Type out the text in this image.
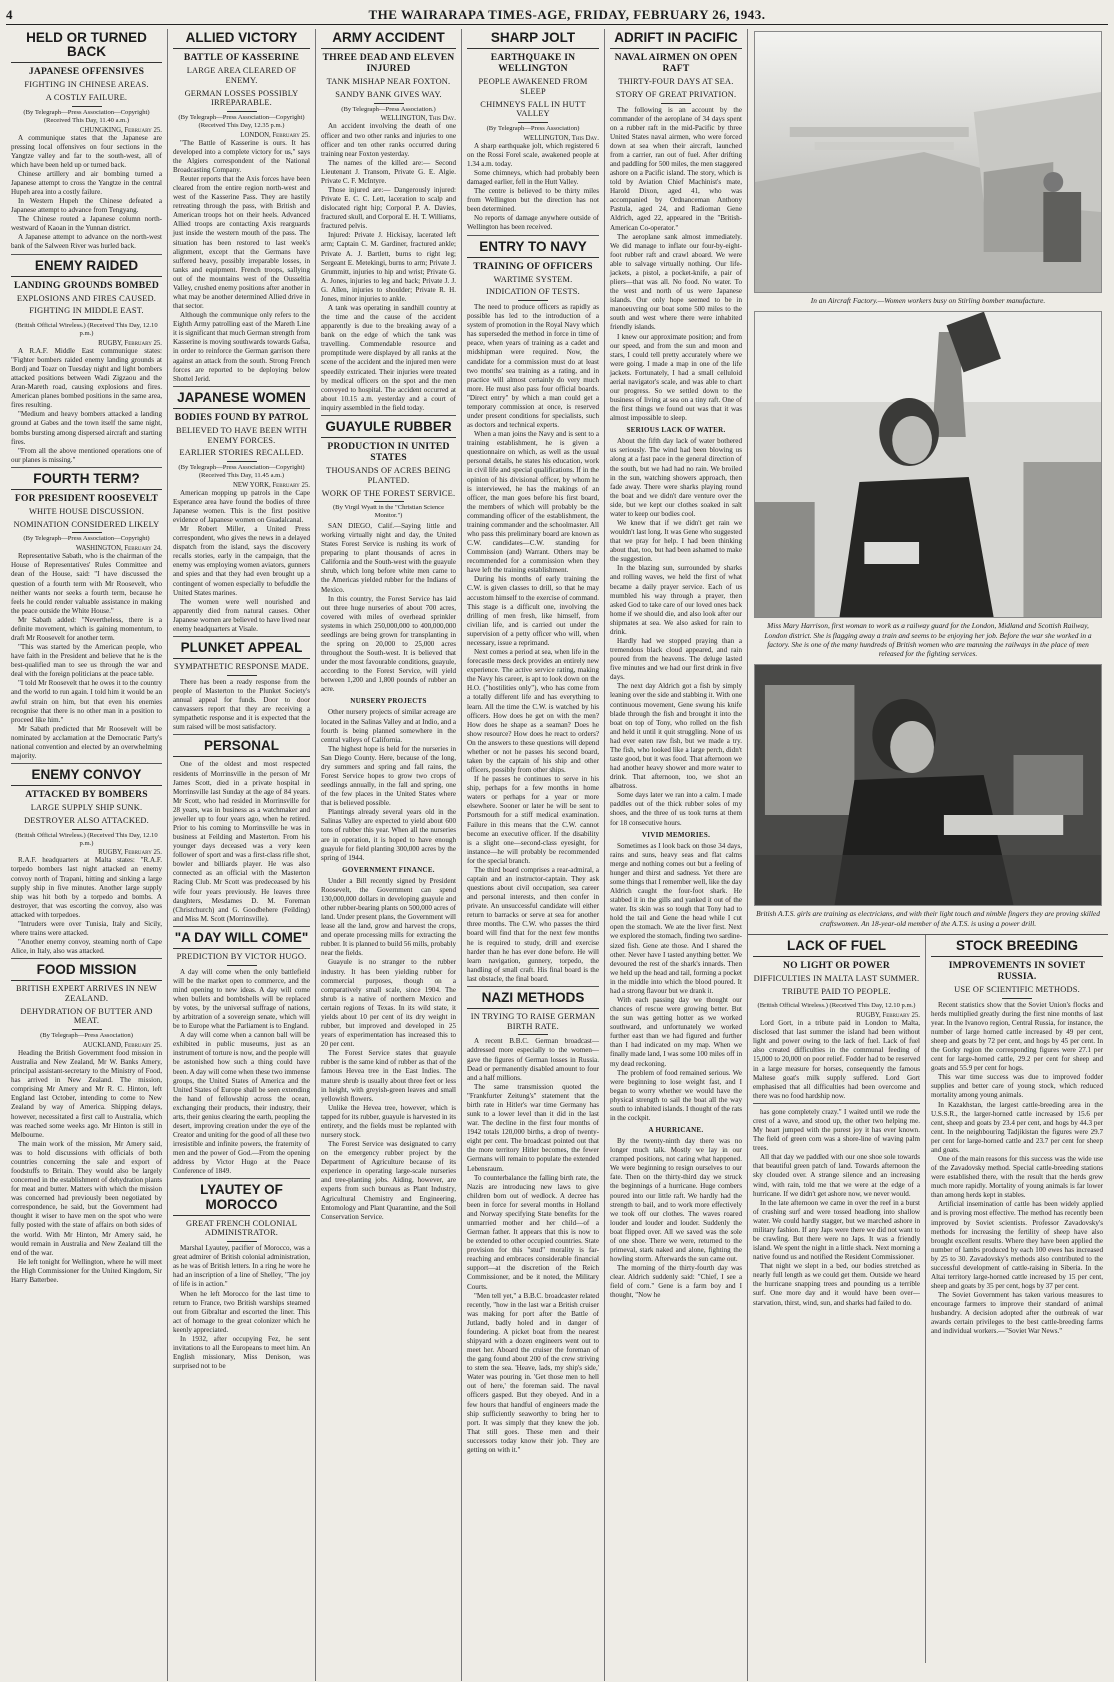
4	THE WAIRARAPA TIMES-AGE, FRIDAY, FEBRUARY 26, 1943.
HELD OR TURNED BACK
JAPANESE OFFENSIVES
FIGHTING IN CHINESE AREAS.
A COSTLY FAILURE.
(By Telegraph—Press Association—Copyright) (Received This Day, 11.40 a.m.)
CHUNGKING, February 25.

A communique states that the Japanese are pressing local offensives on four sections in the Yangtze valley and far to the south-west, all of which have been held up or turned back.

Chinese artillery and air bombing turned a Japanese attempt to cross the Yangtze in the central Hupeh area into a costly failure.

In Western Hupeh the Chinese defeated a Japanese attempt to advance from Tengyang.

The Chinese routed a Japanese column north-westward of Kaoan in the Yunnan district.

A Japanese attempt to advance on the north-west bank of the Salween River was hurled back.

ENEMY RAIDED
LANDING GROUNDS BOMBED
EXPLOSIONS AND FIRES CAUSED.
FIGHTING IN MIDDLE EAST.
(British Official Wireless.) (Received This Day, 12.10 p.m.)
RUGBY, February 25.

A R.A.F. Middle East communique states: "Fighter bombers raided enemy landing grounds at Bordj and Toazr on Tuesday night and light bombers attacked positions between Wadi Zigzaou and the Aran-Mareth road, causing explosions and fires. American planes bombed positions in the same area, fires resulting.

"Medium and heavy bombers attacked a landing ground at Gabes and the town itself the same night, bombs bursting among dispersed aircraft and starting fires.

"From all the above mentioned operations one of our planes is missing."

FOURTH TERM?
FOR PRESIDENT ROOSEVELT
WHITE HOUSE DISCUSSION.
NOMINATION CONSIDERED LIKELY
(By Telegraph—Press Association—Copyright)
WASHINGTON, February 24.

Representative Sabath, who is the chairman of the House of Representatives' Rules Committee and dean of the House, said: "I have discussed the question of a fourth term with Mr Roosevelt, who neither wants nor seeks a fourth term, because he feels he could render valuable assistance in making the peace outside the White House."

Mr Sabath added: "Nevertheless, there is a definite movement, which is gaining momentum, to draft Mr Roosevelt for another term.

"This was started by the American people, who have faith in the President and believe that he is the best-qualified man to see us through the war and deal with the foreign politicians at the peace table.

"I told Mr Roosevelt that he owes it to the country and the world to run again. I told him it would be an awful strain on him, but that even his enemies recognise that there is no other man in a position to proceed like him."

Mr Sabath predicted that Mr Roosevelt will be nominated by acclamation at the Democratic Party's national convention and elected by an overwhelming majority.

ENEMY CONVOY
ATTACKED BY BOMBERS
LARGE SUPPLY SHIP SUNK.
DESTROYER ALSO ATTACKED.
(British Official Wireless.) (Received This Day, 12.10 p.m.)
RUGBY, February 25.

R.A.F. headquarters at Malta states: "R.A.F. torpedo bombers last night attacked an enemy convoy north of Trapani, hitting and sinking a large supply ship in five minutes. Another large supply ship was hit both by a torpedo and bombs. A destroyer, that was escorting the convoy, also was attacked with torpedoes.

"Intruders were over Tunisia, Italy and Sicily, where trains were attacked.

"Another enemy convoy, steaming north of Cape Alice, in Italy, also was attacked.

FOOD MISSION
BRITISH EXPERT ARRIVES IN NEW ZEALAND.
DEHYDRATION OF BUTTER AND MEAT.
(By Telegraph—Press Association)
AUCKLAND, February 25.

Heading the British Government food mission in Australia and New Zealand, Mr W. Banks Amery, principal assistant-secretary to the Ministry of Food, has arrived in New Zealand. The mission, comprising Mr Amery and Mr R. C. Hinton, left England last October, intending to come to New Zealand by way of America. Shipping delays, however, necessitated a first call to Australia, which was reached some weeks ago. Mr Hinton is still in Melbourne.

The main work of the mission, Mr Amery said, was to hold discussions with officials of both countries concerning the sale and export of foodstuffs to Britain. They would also be largely concerned in the establishment of dehydration plants for meat and butter. Matters with which the mission was concerned had previously been negotiated by correspondence, he said, but the Government had thought it wiser to have men on the spot who were fully posted with the state of affairs on both sides of the world. With Mr Hinton, Mr Amery said, he would remain in Australia and New Zealand till the end of the war.

He left tonight for Wellington, where he will meet the High Commissioner for the United Kingdom, Sir Harry Batterbee.

ALLIED VICTORY
BATTLE OF KASSERINE
LARGE AREA CLEARED OF ENEMY.
GERMAN LOSSES POSSIBLY IRREPARABLE.
(By Telegraph—Press Association—Copyright) (Received This Day, 12.35 p.m.)
LONDON, February 25.

"The Battle of Kasserine is ours. It has developed into a complete victory for us," says the Algiers correspondent of the National Broadcasting Company.

Reuter reports that the Axis forces have been cleared from the entire region north-west and west of the Kasserine Pass. They are hastily retreating through the pass, with British and American troops hot on their heels. Advanced Allied troops are contacting Axis rearguards just inside the western mouth of the pass. The situation has been restored to last week's alignment, except that the Germans have suffered heavy, possibly irreparable losses, in tanks and equipment. French troops, sallying out of the mountains west of the Ousseltia Valley, crushed enemy positions after another in what may be another determined Allied drive in that sector.

Although the communique only refers to the Eighth Army patrolling east of the Mareth Line it is significant that much German strength from Kasserine is moving southwards towards Gafsa, in order to reinforce the German garrison there against an attack from the south. Strong French forces are reported to be deploying below Shottel Jerid.

JAPANESE WOMEN
BODIES FOUND BY PATROL
BELIEVED TO HAVE BEEN WITH ENEMY FORCES.
EARLIER STORIES RECALLED.
(By Telegraph—Press Association—Copyright) (Received This Day, 11.45 a.m.)
NEW YORK, February 25.

American mopping up patrols in the Cape Esperance area have found the bodies of three Japanese women. This is the first positive evidence of Japanese women on Guadalcanal.

Mr Robert Miller, a United Press correspondent, who gives the news in a delayed dispatch from the island, says the discovery recalls stories, early in the campaign, that the enemy was employing women aviators, gunners and spies and that they had even brought up a contingent of women especially to befuddle the United States marines.

The women were well nourished and apparently died from natural causes. Other Japanese women are believed to have lived near enemy headquarters at Visale.

PLUNKET APPEAL
SYMPATHETIC RESPONSE MADE.

There has been a ready response from the people of Masterton to the Plunket Society's annual appeal for funds. Door to door canvassers report that they are receiving a sympathetic response and it is expected that the sum raised will be most satisfactory.

PERSONAL

One of the oldest and most respected residents of Morrinsville in the person of Mr James Scott, died in a private hospital in Morrinsville last Sunday at the age of 84 years. Mr Scott, who had resided in Morrinsville for 28 years, was in business as a watchmaker and jeweller up to four years ago, when he retired. Prior to his coming to Morrinsville he was in business at Feilding and Masterton. From his younger days deceased was a very keen follower of sport and was a first-class rifle shot, bowler and billiards player. He was also connected as an official with the Masterton Racing Club. Mr Scott was predeceased by his wife four years previously. He leaves three daughters, Mesdames D. M. Foreman (Christchurch) and G. Goodbehere (Feilding) and Miss M. Scott (Morrinsville).

"A DAY WILL COME"
PREDICTION BY VICTOR HUGO.

A day will come when the only battlefield will be the market open to commerce, and the mind opening to new ideas. A day will come when bullets and bombshells will be replaced by votes, by the universal suffrage of nations, by arbitration of a sovereign senate, which will be to Europe what the Parliament is to England.

A day will come when a cannon ball will be exhibited in public museums, just as an instrument of torture is now, and the people will be astonished how such a thing could have been. A day will come when these two immense groups, the United States of America and the United States of Europe shall be seen extending the hand of fellowship across the ocean, exchanging their products, their industry, their arts, their genius clearing the earth, peopling the desert, improving creation under the eye of the Creator and uniting for the good of all these two irresistible and infinite powers, the fraternity of men and the power of God.—From the opening address by Victor Hugo at the Peace Conference of 1849.

LYAUTEY OF MOROCCO
GREAT FRENCH COLONIAL ADMINISTRATOR.

Marshal Lyautey, pacifier of Morocco, was a great admirer of British colonial administration, as he was of British letters. In a ring he wore he had an inscription of a line of Shelley, "The joy of life is in action."

When he left Morocco for the last time to return to France, two British warships steamed out from Gibraltar and escorted the liner. This act of homage to the great colonizer which he keenly appreciated.

In 1932, after occupying Fez, he sent invitations to all the Europeans to meet him. An English missionary, Miss Denison, was surprised not to be

ARMY ACCIDENT
THREE DEAD AND ELEVEN INJURED
TANK MISHAP NEAR FOXTON.
SANDY BANK GIVES WAY.
(By Telegraph—Press Association.)
WELLINGTON, This Day.

An accident involving the death of one officer and two other ranks and injuries to one officer and ten other ranks occurred during training near Foxton yesterday.

The names of the killed are:— Second Lieutenant J. Transom, Private G. E. Algie. Private C. F. McIntyre.

Those injured are:— Dangerously injured: Private E. C. C. Lett, laceration to scalp and dislocated right hip; Corporal P. A. Davies, fractured skull, and Corporal E. H. T. Williams, fractured pelvis.

Injured: Private J. Hickisay, lacerated left arm; Captain C. M. Gardiner, fractured ankle; Private A. J. Bartlett, burns to right leg; Sergeant E. Metekingi, burns to arm; Private J. Grummitt, injuries to hip and wrist; Private G. A. Jones, injuries to leg and back; Private J. J. G. Allen, injuries to shoulder; Private R. H. Jones, minor injuries to ankle.

A tank was operating in sandhill country at the time and the cause of the accident apparently is due to the breaking away of a bank on the edge of which the tank was travelling. Commendable resource and promptitude were displayed by all ranks at the scene of the accident and the injured men were speedily extricated. Their injuries were treated by medical officers on the spot and the men conveyed to hospital. The accident occurred at about 10.15 a.m. yesterday and a court of inquiry assembled in the field today.

GUAYULE RUBBER
PRODUCTION IN UNITED STATES
THOUSANDS OF ACRES BEING PLANTED.
WORK OF THE FOREST SERVICE.
(By Virgil Wyatt in the "Christian Science Monitor.")

SAN DIEGO, Calif.—Saying little and working virtually night and day, the United States Forest Service is rushing its work of preparing to plant thousands of acres in California and the South-west with the guayule shrub, which long before white men came to the Americas yielded rubber for the Indians of Mexico.

In this country, the Forest Service has laid out three huge nurseries of about 700 acres, covered with miles of overhead sprinkler systems in which 250,000,000 to 400,000,000 seedlings are being grown for transplanting in the spring on 20,000 to 25,000 acres throughout the South-west. It is believed that under the most favourable conditions, guayule, according to the Forest Service, will yield between 1,200 and 1,800 pounds of rubber an acre.

NURSERY PROJECTS

Other nursery projects of similar acreage are located in the Salinas Valley and at Indio, and a fourth is being planned somewhere in the central valleys of California.

The highest hope is held for the nurseries in San Diego County. Here, because of the long, dry summers and spring and fall rains, the Forest Service hopes to grow two crops of seedlings annually, in the fall and spring, one of the few places in the United States where that is believed possible.

Plantings already several years old in the Salinas Valley are expected to yield about 600 tons of rubber this year. When all the nurseries are in operation, it is hoped to have enough guayule for field planting 300,000 acres by the spring of 1944.

GOVERNMENT FINANCE.

Under a Bill recently signed by President Roosevelt, the Government can spend 130,000,000 dollars in developing guayule and other rubber-bearing plants on 500,000 acres of land. Under present plans, the Government will lease all the land, grow and harvest the crops, and operate processing mills for extracting the rubber. It is planned to build 56 mills, probably near the fields.

Guayule is no stranger to the rubber industry. It has been yielding rubber for commercial purposes, though on a comparatively small scale, since 1904. The shrub is a native of northern Mexico and certain regions of Texas. In its wild state, it yields about 10 per cent of its dry weight in rubber, but improved and developed in 25 years of experimentation has increased this to 20 per cent.

The Forest Service states that guayule rubber is the same kind of rubber as that of the famous Hevea tree in the East Indies. The mature shrub is usually about three feet or less in height, with greyish-green leaves and small yellowish flowers.

Unlike the Hevea tree, however, which is tapped for its rubber, guayule is harvested in its entirety, and the fields must be replanted with nursery stock.

The Forest Service was designated to carry on the emergency rubber project by the Department of Agriculture because of its experience in operating large-scale nurseries and tree-planting jobs. Aiding, however, are experts from such bureaus as Plant Industry, Agricultural Chemistry and Engineering, Entomology and Plant Quarantine, and the Soil Conservation Service.

SHARP JOLT
EARTHQUAKE IN WELLINGTON
PEOPLE AWAKENED FROM SLEEP
CHIMNEYS FALL IN HUTT VALLEY
(By Telegraph—Press Association)
WELLINGTON, This Day.

A sharp earthquake jolt, which registered 6 on the Rossi Forel scale, awakened people at 1.34 a.m. today.

Some chimneys, which had probably been damaged earlier, fell in the Hutt Valley.

The centre is believed to be thirty miles from Wellington but the direction has not been determined.

No reports of damage anywhere outside of Wellington has been received.

ENTRY TO NAVY
TRAINING OF OFFICERS
WARTIME SYSTEM.
INDICATION OF TESTS.

The need to produce officers as rapidly as possible has led to the introduction of a system of promotion in the Royal Navy which has superseded the method in force in time of peace, when years of training as a cadet and midshipman were required. Now, the candidate for a commission must do at least two months' sea training as a rating, and in practice will almost certainly do very much more. He must also pass four official boards. "Direct entry" by which a man could get a temporary commission at once, is reserved under present conditions for specialists, such as doctors and technical experts.

When a man joins the Navy and is sent to a training establishment, he is given a questionnaire on which, as well as the usual personal details, he states his education, work in civil life and special qualifications. If in the opinion of his divisional officer, by whom he is interviewed, he has the makings of an officer, the man goes before his first board, the members of which will probably be the commanding officer of the establishment, the training commander and the schoolmaster. All who pass this preliminary board are known as C.W. candidates—C.W. standing for Commission (and) Warrant. Others may be recommended for a commission when they have left the training establishment.

During his months of early training the C.W. is given classes to drill, so that he may accustom himself to the exercise of command. This stage is a difficult one, involving the drilling of men fresh, like himself, from civilian life, and is carried out under the supervision of a petty officer who will, when necessary, issue a reprimand.

Next comes a period at sea, when life in the forecastle mess deck provides an entirely new experience. The active service rating, making the Navy his career, is apt to look down on the H.O. ("hostilities only"), who has come from a totally different life and has everything to learn. All the time the C.W. is watched by his officers. How does he get on with the men? How does he shape as a seaman? Does he show resource? How does he react to orders? On the answers to these questions will depend whether or not he passes his second board, taken by the captain of his ship and other officers, possibly from other ships.

If he passes he continues to serve in his ship, perhaps for a few months in home waters or perhaps for a year or more elsewhere. Sooner or later he will be sent to Portsmouth for a stiff medical examination. Failure in this means that the C.W. cannot become an executive officer. If the disability is a slight one—second-class eyesight, for instance—he will probably be recommended for the special branch.

The third board comprises a rear-admiral, a captain and an instructor-captain. They ask questions about civil occupation, sea career and personal interests, and then confer in private. An unsuccessful candidate will either return to barracks or serve at sea for another three months. The C.W. who passes the third board will find that for the next few months he is required to study, drill and exercise harder than he has ever done before. He will learn navigation, gunnery, torpedo, the handling of small craft. His final board is the last obstacle, the final board.

NAZI METHODS
IN TRYING TO RAISE GERMAN BIRTH RATE.

A recent B.B.C. German broadcast—addressed more especially to the women—gave the figures of German losses in Russia. Dead or permanently disabled amount to four and a half millions.

The same transmission quoted the "Frankfurter Zeitung's" statement that the birth rate in Hitler's war time Germany has sunk to a lower level than it did in the last war. The decline in the first four months of 1942 totals 120,000 births, a drop of twenty-eight per cent. The broadcast pointed out that the more territory Hitler becomes, the fewer Germans will remain to populate the extended Lebensraum.

To counterbalance the falling birth rate, the Nazis are introducing new laws to give children born out of wedlock. A decree has been in force for several months in Holland and Norway specifying State benefits for the unmarried mother and her child—of a German father. It appears that this is now to be extended to other occupied countries. State provision for this "stud" morality is far-reaching and embraces considerable financial support—at the discretion of the Reich Commissioner, and be it noted, the Military Courts.

"Men tell yet," a B.B.C. broadcaster related recently, "how in the last war a British cruiser was making for port after the Battle of Jutland, badly holed and in danger of foundering. A picket boat from the nearest shipyard with a dozen engineers went out to meet her. Aboard the cruiser the foreman of the gang found about 200 of the crew striving to stem the sea. 'Heave, lads, my ship's side,' Water was pouring in. 'Get those men to hell out of here,' the foreman said. The naval officers gasped. But they obeyed. And in a few hours that handful of engineers made the ship sufficiently seaworthy to bring her to port. It was simply that they knew the job. That still goes. These men and their successors today know their job. They are getting on with it."

ADRIFT IN PACIFIC
NAVAL AIRMEN ON OPEN RAFT
THIRTY-FOUR DAYS AT SEA.
STORY OF GREAT PRIVATION.

The following is an account by the commander of the aeroplane of 34 days spent on a rubber raft in the mid-Pacific by three United States naval airmen, who were forced down at sea when their aircraft, launched from a carrier, ran out of fuel. After drifting and paddling for 500 miles, the men staggered ashore on a Pacific island. The story, which is told by Aviation Chief Machinist's mate, Harold Dixon, aged 41, who was accompanied by Ordnanceman Anthony Pastula, aged 24, and Radioman Gene Aldrich, aged 22, appeared in the "British-American Co-operator."

The aeroplane sank almost immediately. We did manage to inflate our four-by-eight-foot rubber raft and crawl aboard. We were able to salvage virtually nothing. Our life-jackets, a pistol, a pocket-knife, a pair of pliers—that was all. No food. No water. To the west and north of us were Japanese islands. Our only hope seemed to be in manoeuvring our boat some 500 miles to the south and west where there were inhabited friendly islands.

I knew our approximate position; and from our speed, and from the sun and moon and stars, I could tell pretty accurately where we were going. I made a map in one of the life jackets. Fortunately, I had a small celluloid aerial navigator's scale, and was able to chart our progress. So we settled down to the business of living at sea on a tiny raft. One of the first things we found out was that it was almost impossible to sleep.

SERIOUS LACK OF WATER.

About the fifth day lack of water bothered us seriously. The wind had been blowing us along at a fast pace in the general direction of the south, but we had had no rain. We broiled in the sun, watching showers approach, then fade away. There were sharks playing round the boat and we didn't dare venture over the side, but we kept our clothes soaked in salt water to keep our bodies cool.

We knew that if we didn't get rain we wouldn't last long. It was Gene who suggested that we pray for help. I had been thinking about that, too, but had been ashamed to make the suggestion.

In the blazing sun, surrounded by sharks and rolling waves, we held the first of what became a daily prayer service. Each of us mumbled his way through a prayer, then asked God to take care of our loved ones back home if we should die, and also look after our shipmates at sea. We also asked for rain to drink.

Hardly had we stopped praying than a tremendous black cloud appeared, and rain poured from the heavens. The deluge lasted five minutes and we had our first drink in five days.

The next day Aldrich got a fish by simply leaning over the side and stabbing it. With one continuous movement, Gene swung his knife blade through the fish and brought it into the boat on top of Tony, who rolled on the fish and held it until it quit struggling. None of us had ever eaten raw fish, but we made a try. The fish, who looked like a large perch, didn't taste good, but it was food. That afternoon we had another heavy shower and more water to drink. That afternoon, too, we shot an albatross.

Some days later we ran into a calm. I made paddles out of the thick rubber soles of my shoes, and the three of us took turns at them for 18 consecutive hours.

VIVID MEMORIES.

Sometimes as I look back on those 34 days, rains and suns, heavy seas and flat calms merge and nothing comes out but a feeling of hunger and thirst and sadness. Yet there are some things that I remember well, like the day Aldrich caught the four-foot shark. He stabbed it in the gills and yanked it out of the water. Its skin was so tough that Tony had to hold the tail and Gene the head while I cut open the stomach. We ate the liver first. Next we explored the stomach, finding two sardine-sized fish. Gene ate those. And I shared the other. Never have I tasted anything better. We devoured the rest of the shark's innards. Then we held up the head and tail, forming a pocket in the middle into which the blood poured. It had a strong flavour but we drank it.

With each passing day we thought our chances of rescue were growing better. But the sun was getting hotter as we worked southward, and unfortunately we worked further east than we had figured and further than I had indicated on my map. When we finally made land, I was some 100 miles off in my dead reckoning.

The problem of food remained serious. We were beginning to lose weight fast, and I began to worry whether we would have the physical strength to sail the boat all the way south to inhabited islands. I thought of the rats in the cockpit.

A HURRICANE.

By the twenty-ninth day there was no longer much talk. Mostly we lay in our cramped positions, not caring what happened. We were beginning to resign ourselves to our fate. Then on the thirty-third day we struck the beginnings of a hurricane. Huge combers poured into our little raft. We hardly had the strength to bail, and to work more effectively we took off our clothes. The waves roared louder and louder and louder. Suddenly the boat flipped over. All we saved was the sole of one shoe. There we were, returned to the primeval, stark naked and alone, fighting the howling storm. Afterwards the sun came out.

The morning of the thirty-fourth day was clear. Aldrich suddenly said: "Chief, I see a field of corn." Gene is a farm boy and I thought, "Now he

In an Aircraft Factory.—Women workers busy on Stirling bomber manufacture.
Miss Mary Harrison, first woman to work as a railway guard for the London, Midland and Scottish Railway, London district. She is flagging away a train and seems to be enjoying her job. Before the war she worked in a factory. She is one of the many hundreds of British women who are manning the railways in the place of men released for the fighting services.
British A.T.S. girls are training as electricians, and with their light touch and nimble fingers they are proving skilled craftswomen. An 18-year-old member of the A.T.S. is using a power drill.
LACK OF FUEL
NO LIGHT OR POWER
DIFFICULTIES IN MALTA LAST SUMMER.
TRIBUTE PAID TO PEOPLE.
(British Official Wireless.) (Received This Day, 12.10 p.m.)
RUGBY, February 25.

Lord Gort, in a tribute paid in London to Malta, disclosed that last summer the island had been without light and power owing to the lack of fuel. Lack of fuel also created difficulties in the communal feeding of 15,000 to 20,000 on poor relief. Fodder had to be reserved in a large measure for horses, consequently the famous Maltese goat's milk supply suffered. Lord Gort emphasised that all difficulties had been overcome and there was no food hardship now.

has gone completely crazy." I waited until we rode the crest of a wave, and stood up, the other two helping me. My heart jumped with the purest joy it has ever known. The field of green corn was a shore-line of waving palm trees.

All that day we paddled with our one shoe sole towards that beautiful green patch of land. Towards afternoon the sky clouded over. A strange silence and an increasing wind, with rain, told me that we were at the edge of a hurricane. If we didn't get ashore now, we never would.

In the late afternoon we came in over the reef in a burst of crashing surf and were tossed headlong into shallow water. We could hardly stagger, but we marched ashore in military fashion. If any Japs were there we did not want to be crawling. But there were no Japs. It was a friendly island. We spent the night in a little shack. Next morning a native found us and notified the Resident Commissioner.

That night we slept in a bed, our bodies stretched as nearly full length as we could get them. Outside we heard the hurricane snapping trees and pounding us a terrible surf. One more day and it would have been over—starvation, thirst, wind, sun, and sharks had failed to do.

STOCK BREEDING
IMPROVEMENTS IN SOVIET RUSSIA.
USE OF SCIENTIFIC METHODS.

Recent statistics show that the Soviet Union's flocks and herds multiplied greatly during the first nine months of last year. In the Ivanovo region, Central Russia, for instance, the number of large horned cattle increased by 49 per cent, sheep and goats by 72 per cent, and hogs by 45 per cent. In the Gorky region the corresponding figures were 27.1 per cent for large-horned cattle, 29.2 per cent for sheep and goats and 55.9 per cent for hogs.

This war time success was due to improved fodder supplies and better care of young stock, which reduced mortality among young animals.

In Kazakhstan, the largest cattle-breeding area in the U.S.S.R., the larger-horned cattle increased by 15.6 per cent, sheep and goats by 23.4 per cent, and hogs by 44.3 per cent. In the neighbouring Tadjikistan the figures were 29.7 per cent for large-horned cattle and 23.7 per cent for sheep and goats.

One of the main reasons for this success was the wide use of the Zavadovsky method. Special cattle-breeding stations were established there, with the result that the herds grew much more rapidly. Mortality of young animals is far lower than among herds kept in stables.

Artificial insemination of cattle has been widely applied and is proving most effective. The method has recently been improved by Soviet scientists. Professor Zavadovsky's methods for increasing the fertility of sheep have also brought excellent results. Where they have been applied the number of lambs produced by each 100 ewes has increased by 25 to 30. Zavadovsky's methods also contributed to the successful development of cattle-raising in Siberia. In the Altai territory large-horned cattle increased by 15 per cent, sheep and goats by 35 per cent, hogs by 37 per cent.

The Soviet Government has taken various measures to encourage farmers to improve their standard of animal husbandry. A decision adopted after the outbreak of war awards certain privileges to the best cattle-breeding farms and individual workers.—"Soviet War News."
